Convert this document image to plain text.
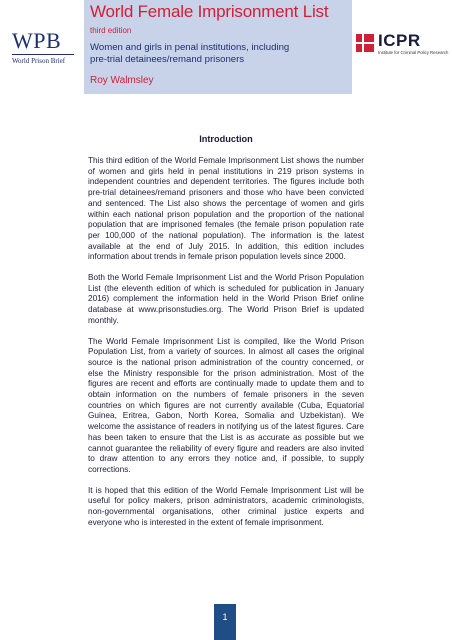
WPB
World Prison Brief
World Female Imprisonment List
third edition
Women and girls in penal institutions, including
pre-trial detainees/remand prisoners
Roy Walmsley
ICPR
Institute for Criminal Policy Research
Introduction

This third edition of the World Female Imprisonment List shows the number of women and girls held in penal institutions in 219 prison systems in independent countries and dependent territories. The figures include both pre-trial detainees/remand prisoners and those who have been convicted and sentenced. The List also shows the percentage of women and girls within each national prison population and the proportion of the national population that are imprisoned females (the female prison population rate per 100,000 of the national population). The information is the latest available at the end of July 2015. In addition, this edition includes information about trends in female prison population levels since 2000.

Both the World Female Imprisonment List and the World Prison Population List (the eleventh edition of which is scheduled for publication in January 2016) complement the information held in the World Prison Brief online database at www.prisonstudies.org. The World Prison Brief is updated monthly.

The World Female Imprisonment List is compiled, like the World Prison Population List, from a variety of sources. In almost all cases the original source is the national prison administration of the country concerned, or else the Ministry responsible for the prison administration. Most of the figures are recent and efforts are continually made to update them and to obtain information on the numbers of female prisoners in the seven countries on which figures are not currently available (Cuba, Equatorial Guinea, Eritrea, Gabon, North Korea, Somalia and Uzbekistan). We welcome the assistance of readers in notifying us of the latest figures. Care has been taken to ensure that the List is as accurate as possible but we cannot guarantee the reliability of every figure and readers are also invited to draw attention to any errors they notice and, if possible, to supply corrections.

It is hoped that this edition of the World Female Imprisonment List will be useful for policy makers, prison administrators, academic criminologists, non-governmental organisations, other criminal justice experts and everyone who is interested in the extent of female imprisonment.

1
